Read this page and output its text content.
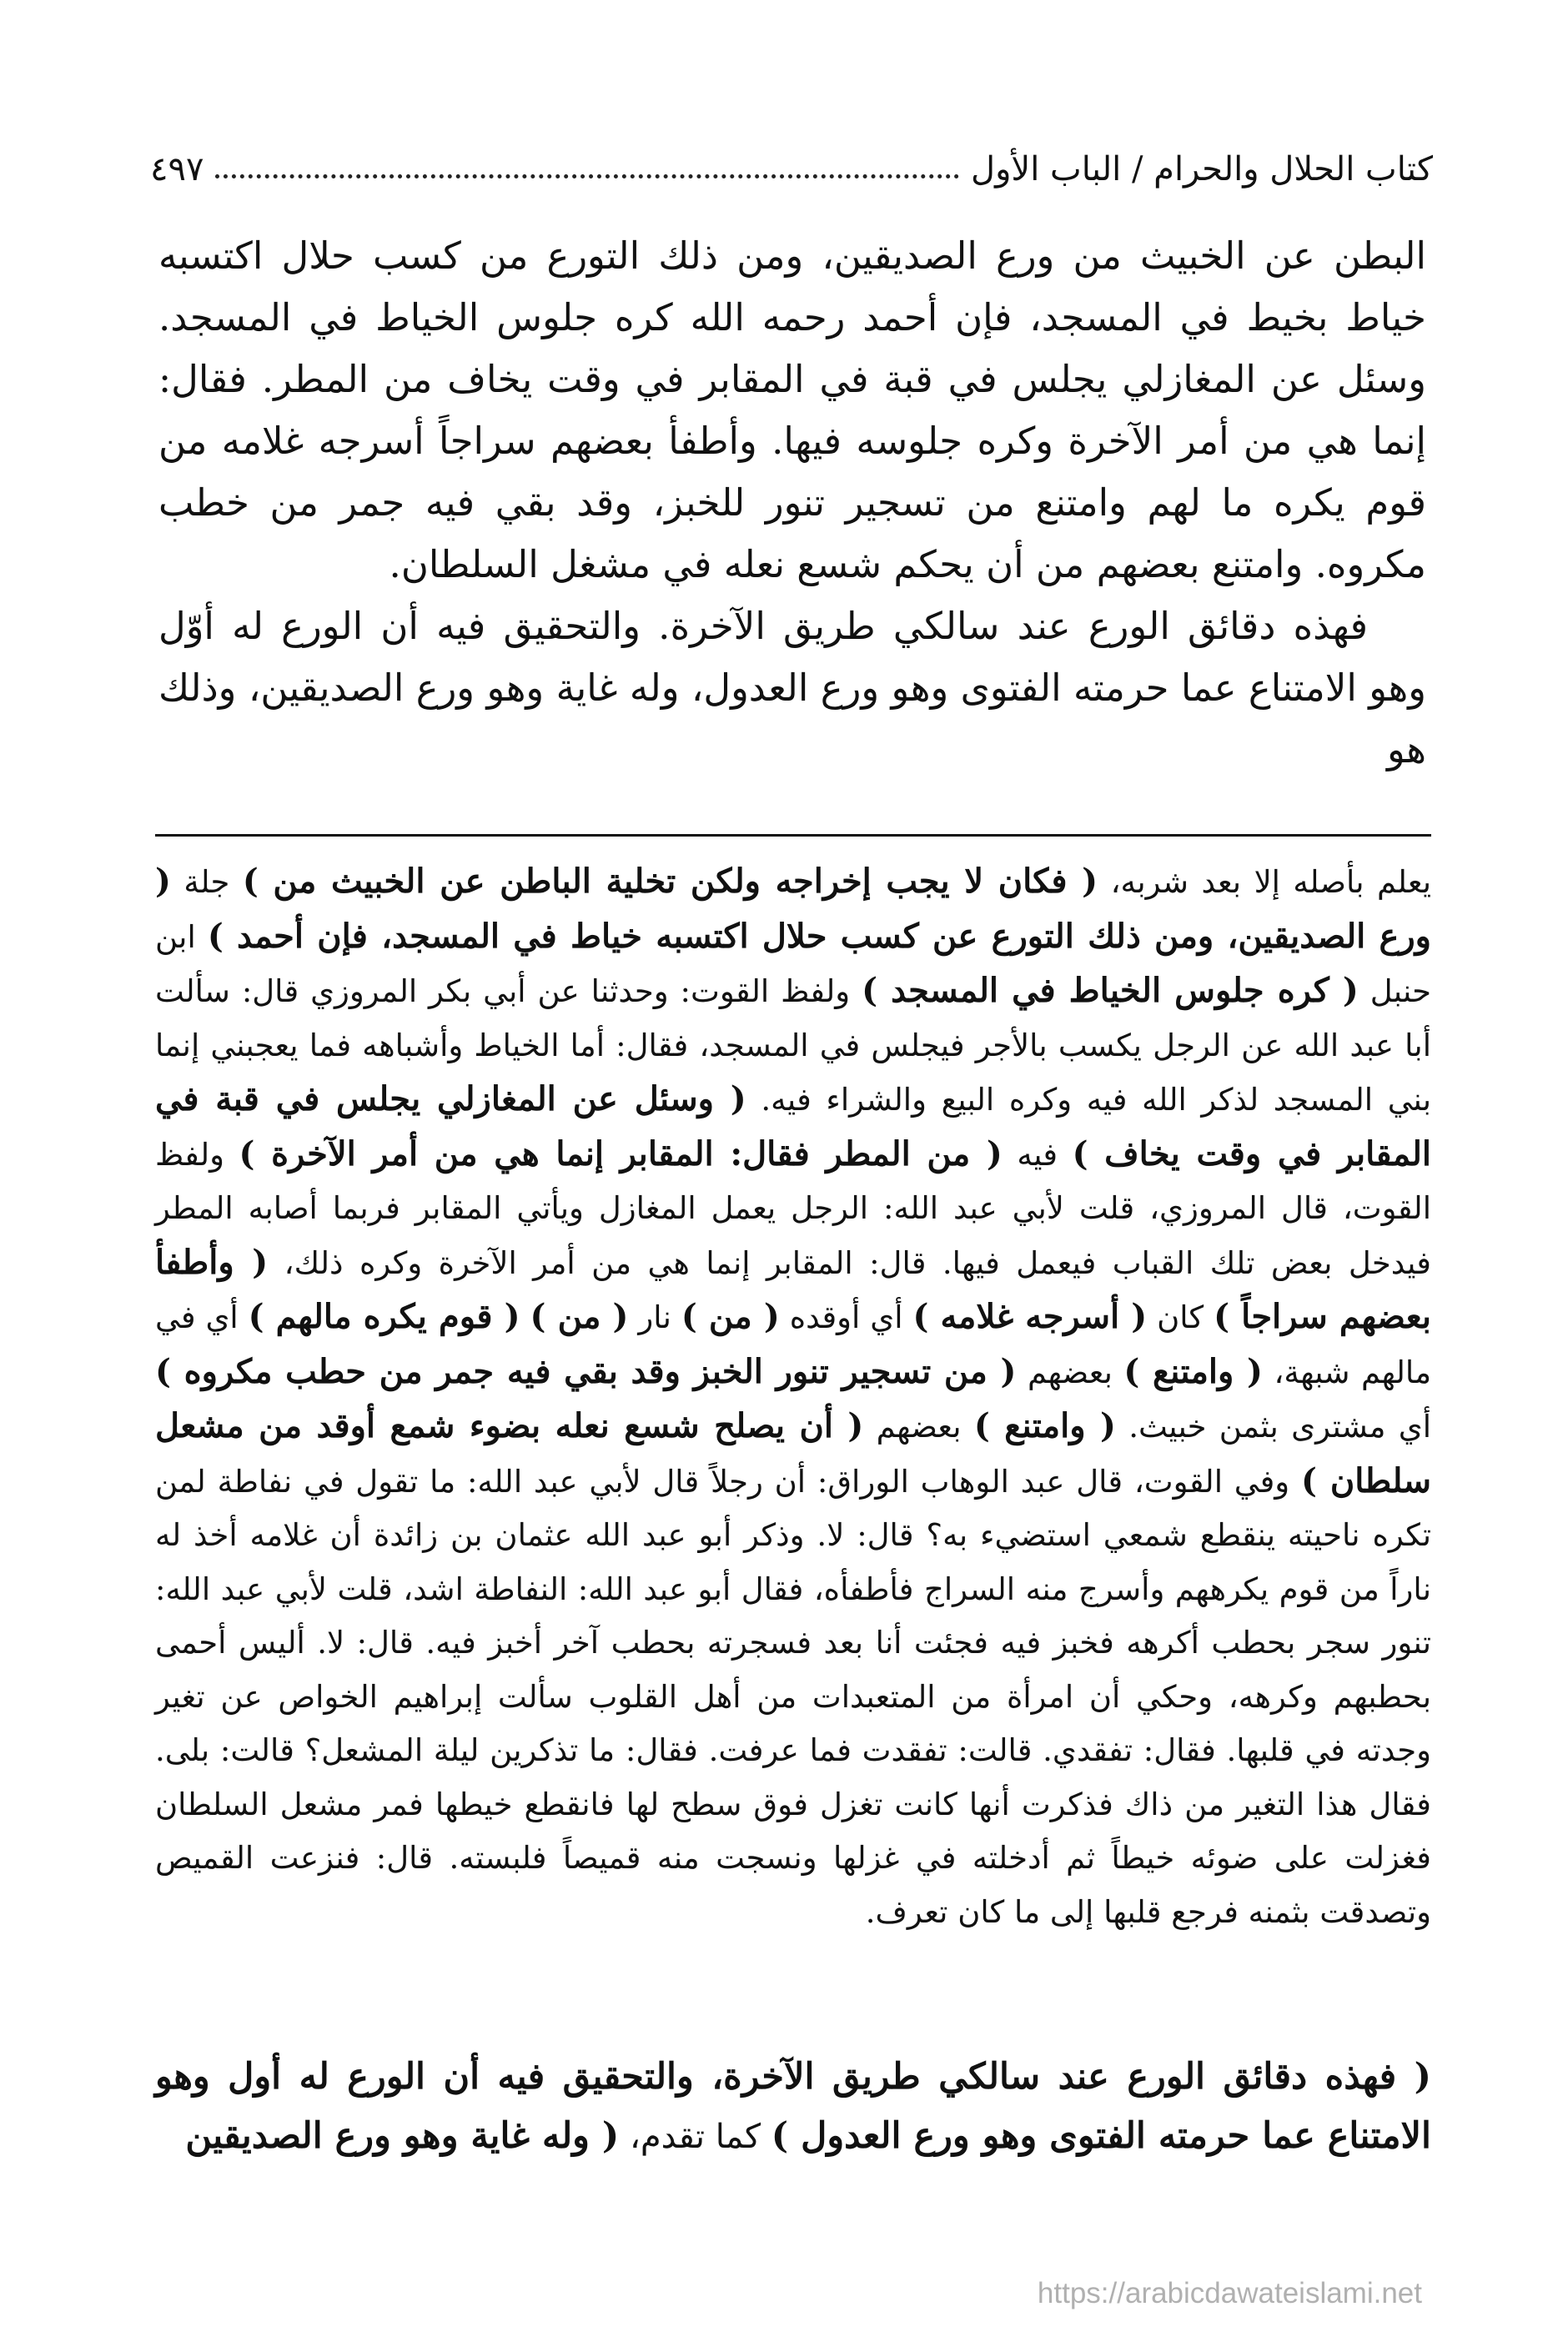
كتاب الحلال والحرام / الباب الأول
٤٩٧

البطن عن الخبيث من ورع الصديقين، ومن ذلك التورع من كسب حلال اكتسبه خياط بخيط في المسجد، فإن أحمد رحمه الله كره جلوس الخياط في المسجد. وسئل عن المغازلي يجلس في قبة في المقابر في وقت يخاف من المطر. فقال: إنما هي من أمر الآخرة وكره جلوسه فيها. وأطفأ بعضهم سراجاً أسرجه غلامه من قوم يكره ما لهم وامتنع من تسجير تنور للخبز، وقد بقي فيه جمر من خطب مكروه. وامتنع بعضهم من أن يحكم شسع نعله في مشغل السلطان.

فهذه دقائق الورع عند سالكي طريق الآخرة. والتحقيق فيه أن الورع له أوّل وهو الامتناع عما حرمته الفتوى وهو ورع العدول، وله غاية وهو ورع الصديقين، وذلك هو

يعلم بأصله إلا بعد شربه، ( فكان لا يجب إخراجه ولكن تخلية الباطن عن الخبيث من ) جلة ( ورع الصديقين، ومن ذلك التورع عن كسب حلال اكتسبه خياط في المسجد، فإن أحمد ) ابن حنبل ( كره جلوس الخياط في المسجد ) ولفظ القوت: وحدثنا عن أبي بكر المروزي قال: سألت أبا عبد الله عن الرجل يكسب بالأجر فيجلس في المسجد، فقال: أما الخياط وأشباهه فما يعجبني إنما بني المسجد لذكر الله فيه وكره البيع والشراء فيه. ( وسئل عن المغازلي يجلس في قبة في المقابر في وقت يخاف ) فيه ( من المطر فقال: المقابر إنما هي من أمر الآخرة ) ولفظ القوت، قال المروزي، قلت لأبي عبد الله: الرجل يعمل المغازل ويأتي المقابر فربما أصابه المطر فيدخل بعض تلك القباب فيعمل فيها. قال: المقابر إنما هي من أمر الآخرة وكره ذلك، ( وأطفأ بعضهم سراجاً ) كان ( أسرجه غلامه ) أي أوقده ( من ) نار ( من ) ( قوم يكره مالهم ) أي في مالهم شبهة، ( وامتنع ) بعضهم ( من تسجير تنور الخبز وقد بقي فيه جمر من حطب مكروه ) أي مشترى بثمن خبيث. ( وامتنع ) بعضهم ( أن يصلح شسع نعله بضوء شمع أوقد من مشعل سلطان ) وفي القوت، قال عبد الوهاب الوراق: أن رجلاً قال لأبي عبد الله: ما تقول في نفاطة لمن تكره ناحيته ينقطع شمعي استضيء به؟ قال: لا. وذكر أبو عبد الله عثمان بن زائدة أن غلامه أخذ له ناراً من قوم يكرههم وأسرج منه السراج فأطفأه، فقال أبو عبد الله: النفاطة اشد، قلت لأبي عبد الله: تنور سجر بحطب أكرهه فخبز فيه فجئت أنا بعد فسجرته بحطب آخر أخبز فيه. قال: لا. أليس أحمى بحطبهم وكرهه، وحكي أن امرأة من المتعبدات من أهل القلوب سألت إبراهيم الخواص عن تغير وجدته في قلبها. فقال: تفقدي. قالت: تفقدت فما عرفت. فقال: ما تذكرين ليلة المشعل؟ قالت: بلى. فقال هذا التغير من ذاك فذكرت أنها كانت تغزل فوق سطح لها فانقطع خيطها فمر مشعل السلطان فغزلت على ضوئه خيطاً ثم أدخلته في غزلها ونسجت منه قميصاً فلبسته. قال: فنزعت القميص وتصدقت بثمنه فرجع قلبها إلى ما كان تعرف.
( فهذه دقائق الورع عند سالكي طريق الآخرة، والتحقيق فيه أن الورع له أول وهو الامتناع عما حرمته الفتوى وهو ورع العدول ) كما تقدم، ( وله غاية وهو ورع الصديقين
https://arabicdawateislami.net
